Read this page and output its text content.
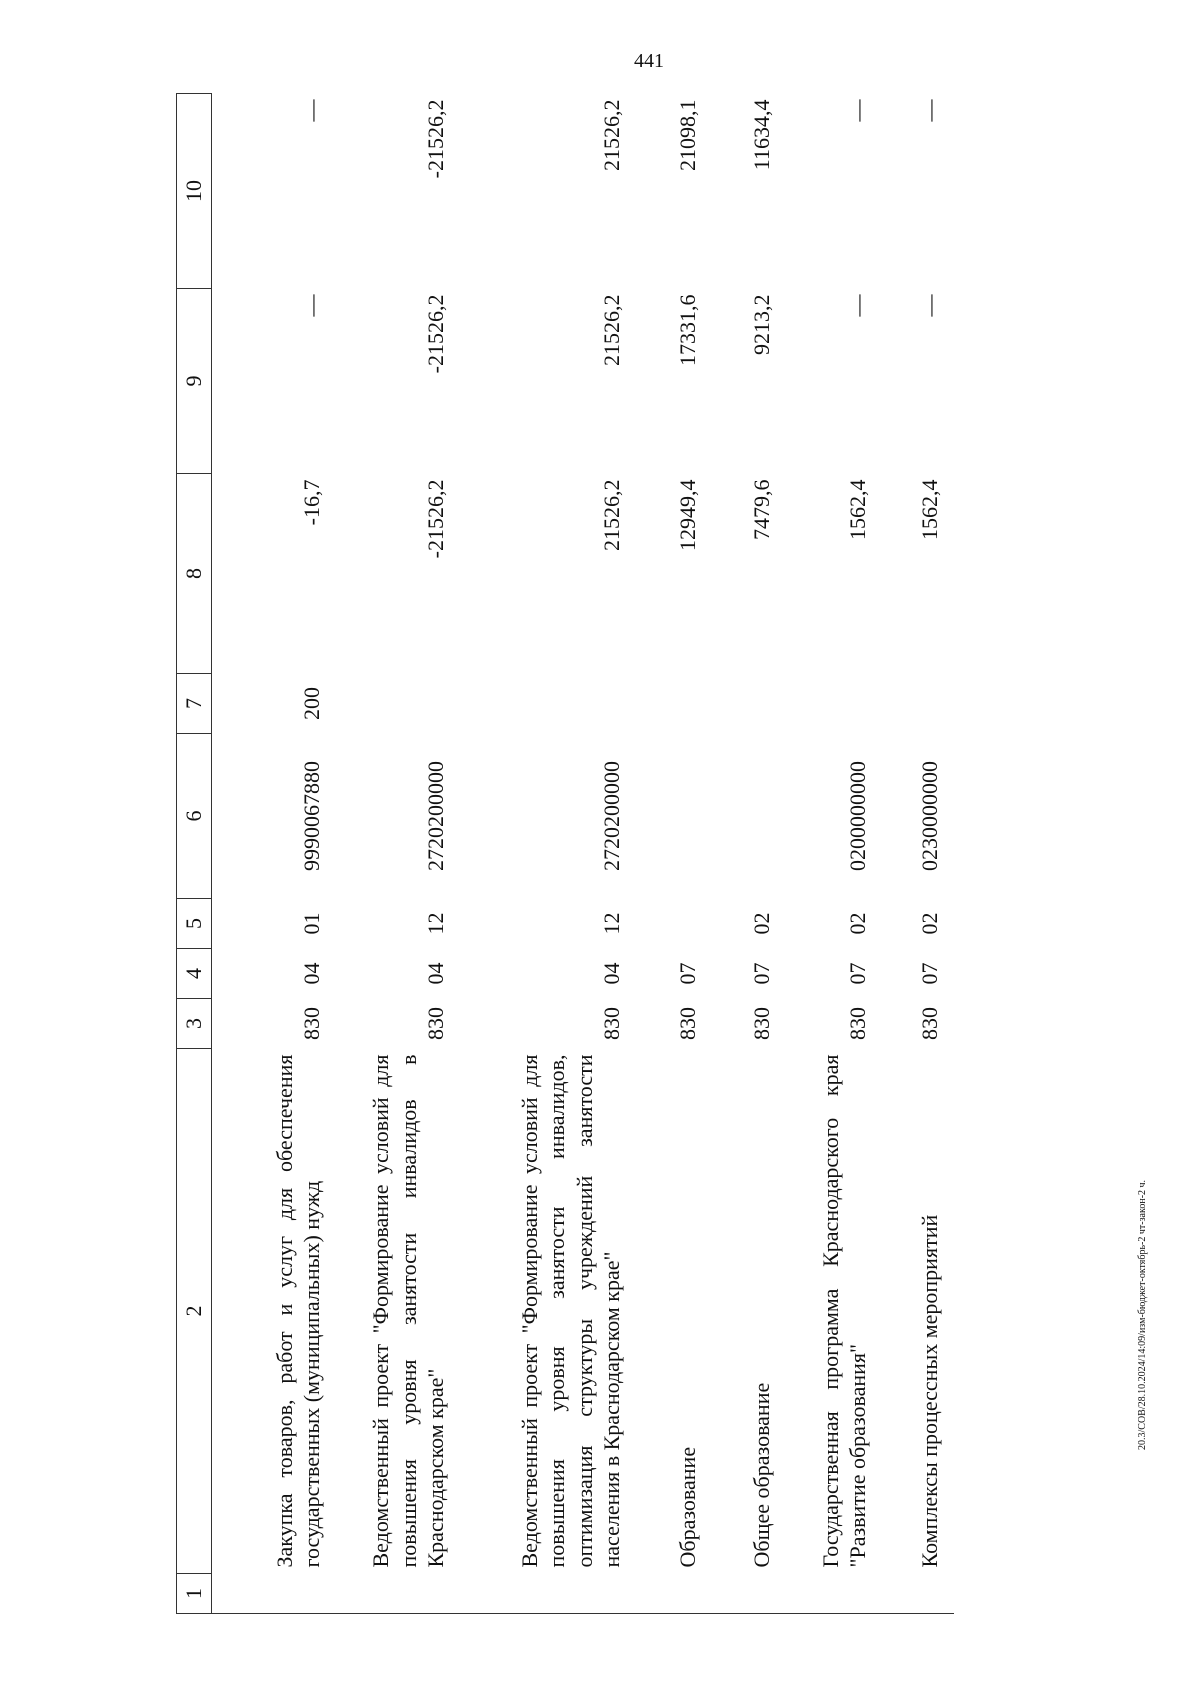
441
20.3/СОВ/28.10.2024/14:09/изм-бюджет-октябрь-2 чт-закон-2 ч.
1	2	3	4	5	6	7	8	9	10
	Закупка товаров, работ и услуг для обеспечения государственных (муниципальных) нужд	830	04	01	9990067880	200	-16,7	—	—
	Ведомственный проект "Формирование условий для повышения уровня занятости инвалидов в Краснодарском крае"	830	04	12	2720200000		-21526,2	-21526,2	-21526,2
	Ведомственный проект "Формирование условий для повышения уровня занятости инвалидов, оптимизация структуры учреждений занятости населения в Краснодарском крае"	830	04	12	2720200000		21526,2	21526,2	21526,2
	Образование	830	07				12949,4	17331,6	21098,1
	Общее образование	830	07	02			7479,6	9213,2	11634,4
	Государственная программа Краснодарского края "Развитие образования"	830	07	02	0200000000		1562,4	—	—
	Комплексы процессных мероприятий	830	07	02	0230000000		1562,4	—	—
